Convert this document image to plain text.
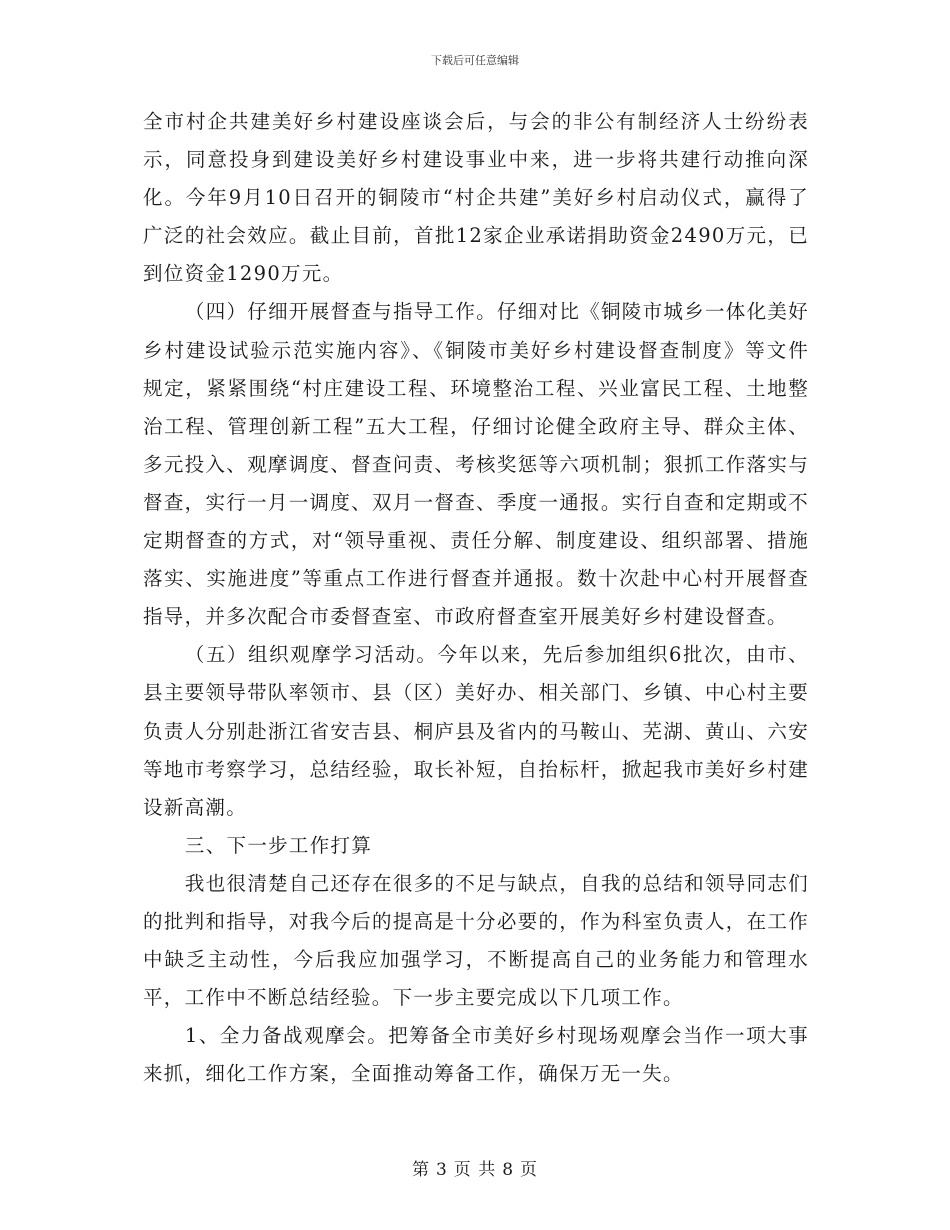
下载后可任意编辑

全市村企共建美好乡村建设座谈会后，与会的非公有制经济人士纷纷表示，同意投身到建设美好乡村建设事业中来，进一步将共建行动推向深化。今年9月10日召开的铜陵市“村企共建”美好乡村启动仪式，赢得了广泛的社会效应。截止目前，首批12家企业承诺捐助资金2490万元，已到位资金1290万元。

（四）仔细开展督查与指导工作。仔细对比《铜陵市城乡一体化美好乡村建设试验示范实施内容》、《铜陵市美好乡村建设督查制度》等文件规定，紧紧围绕“村庄建设工程、环境整治工程、兴业富民工程、土地整治工程、管理创新工程”五大工程，仔细讨论健全政府主导、群众主体、多元投入、观摩调度、督查问责、考核奖惩等六项机制；狠抓工作落实与督查，实行一月一调度、双月一督查、季度一通报。实行自查和定期或不定期督查的方式，对“领导重视、责任分解、制度建设、组织部署、措施落实、实施进度”等重点工作进行督查并通报。数十次赴中心村开展督查指导，并多次配合市委督查室、市政府督查室开展美好乡村建设督查。

（五）组织观摩学习活动。今年以来，先后参加组织6批次，由市、县主要领导带队率领市、县（区）美好办、相关部门、乡镇、中心村主要负责人分别赴浙江省安吉县、桐庐县及省内的马鞍山、芜湖、黄山、六安等地市考察学习，总结经验，取长补短，自抬标杆，掀起我市美好乡村建设新高潮。

三、下一步工作打算

我也很清楚自己还存在很多的不足与缺点，自我的总结和领导同志们的批判和指导，对我今后的提高是十分必要的，作为科室负责人，在工作中缺乏主动性，今后我应加强学习，不断提高自己的业务能力和管理水平，工作中不断总结经验。下一步主要完成以下几项工作。

1、全力备战观摩会。把筹备全市美好乡村现场观摩会当作一项大事来抓，细化工作方案，全面推动筹备工作，确保万无一失。

第 3 页 共 8 页
